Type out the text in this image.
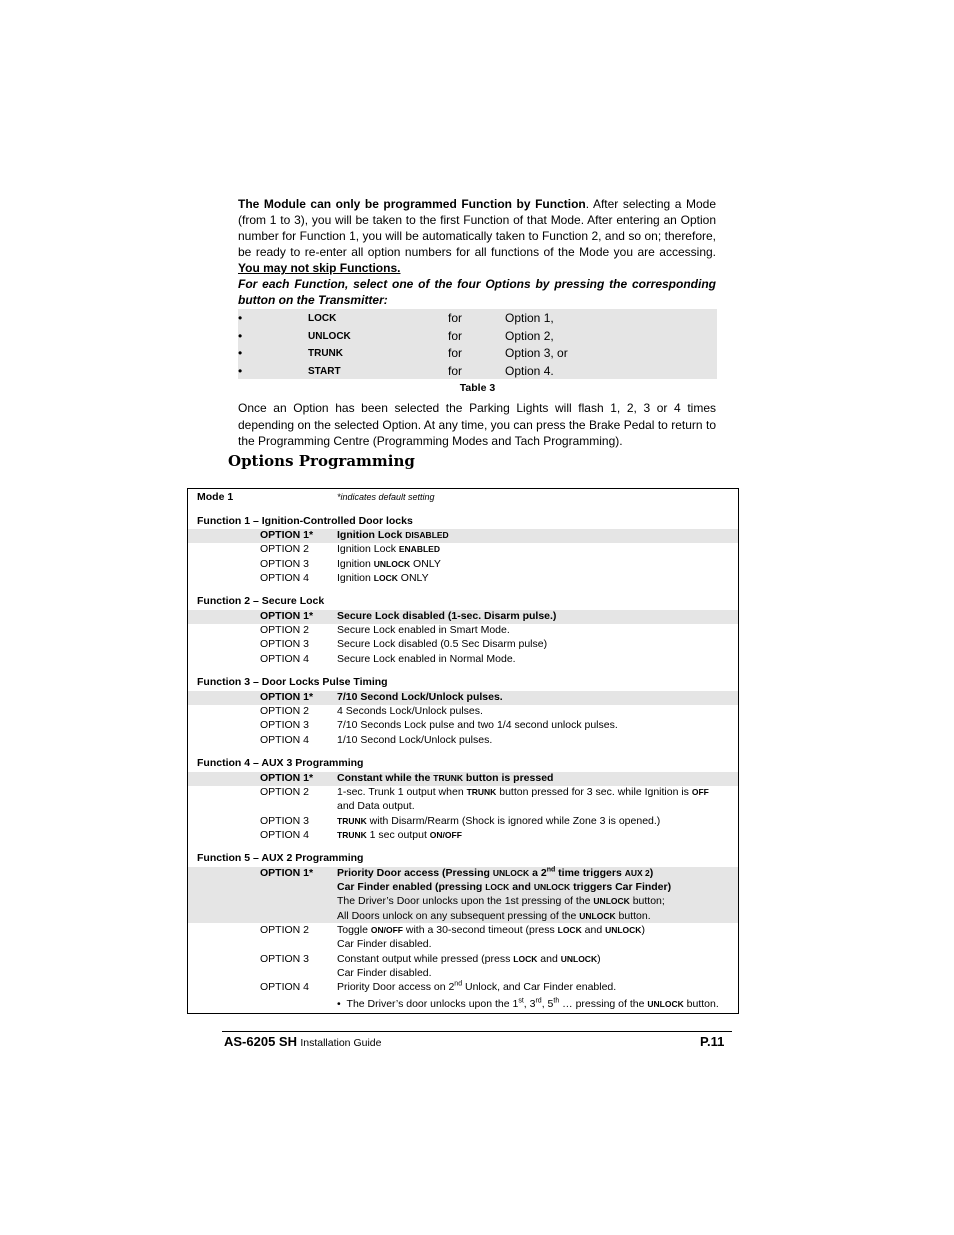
The Module can only be programmed Function by Function. After selecting a Mode (from 1 to 3), you will be taken to the first Function of that Mode. After entering an Option number for Function 1, you will be automatically taken to Function 2, and so on; therefore, be ready to re-enter all option numbers for all functions of the Mode you are accessing. You may not skip Functions.
For each Function, select one of the four Options by pressing the corresponding button on the Transmitter:
•	LOCK	for	Option 1,
•	UNLOCK	for	Option 2,
•	TRUNK	for	Option 3, or
•	START	for	Option 4.
Table 3
Once an Option has been selected the Parking Lights will flash 1, 2, 3 or 4 times depending on the selected Option. At any time, you can press the Brake Pedal to return to the Programming Centre (Programming Modes and Tach Programming).
Options Programming
Mode 1	*indicates default setting
Function 1 – Ignition-Controlled Door locks
OPTION 1* Ignition Lock DISABLED
OPTION 2	Ignition Lock ENABLED
OPTION 3	Ignition UNLOCK ONLY
OPTION 4	Ignition LOCK ONLY
Function 2 – Secure Lock
OPTION 1* Secure Lock disabled (1-sec. Disarm pulse.)
OPTION 2	Secure Lock enabled in Smart Mode.
OPTION 3	Secure Lock disabled (0.5 Sec Disarm pulse)
OPTION 4	Secure Lock enabled in Normal Mode.
Function 3 – Door Locks Pulse Timing
OPTION 1* 7/10 Second Lock/Unlock pulses.
OPTION 2	4 Seconds Lock/Unlock pulses.
OPTION 3	7/10 Seconds Lock pulse and two 1/4 second unlock pulses.
OPTION 4	1/10 Second Lock/Unlock pulses.
Function 4 – AUX 3 Programming
OPTION 1* Constant while the TRUNK button is pressed
OPTION 2	1-sec. Trunk 1 output when TRUNK button pressed for 3 sec. while Ignition is OFF
and Data output.
OPTION 3	TRUNK with Disarm/Rearm (Shock is ignored while Zone 3 is opened.)
OPTION 4	TRUNK 1 sec output ON/OFF
Function 5 – AUX 2 Programming
OPTION 1* Priority Door access (Pressing UNLOCK a 2nd time triggers AUX 2)
Car Finder enabled (pressing LOCK and UNLOCK triggers Car Finder)
The Driver’s Door unlocks upon the 1st pressing of the UNLOCK button;
All Doors unlock on any subsequent pressing of the UNLOCK button.
OPTION 2	Toggle ON/OFF with a 30-second timeout (press LOCK and UNLOCK)
Car Finder disabled.
OPTION 3	Constant output while pressed (press LOCK and UNLOCK)
Car Finder disabled.
OPTION 4	Priority Door access on 2nd Unlock, and Car Finder enabled.
• The Driver’s door unlocks upon the 1st, 3rd, 5th … pressing of the UNLOCK button.
AS-6205 SH Installation Guide	P.11
